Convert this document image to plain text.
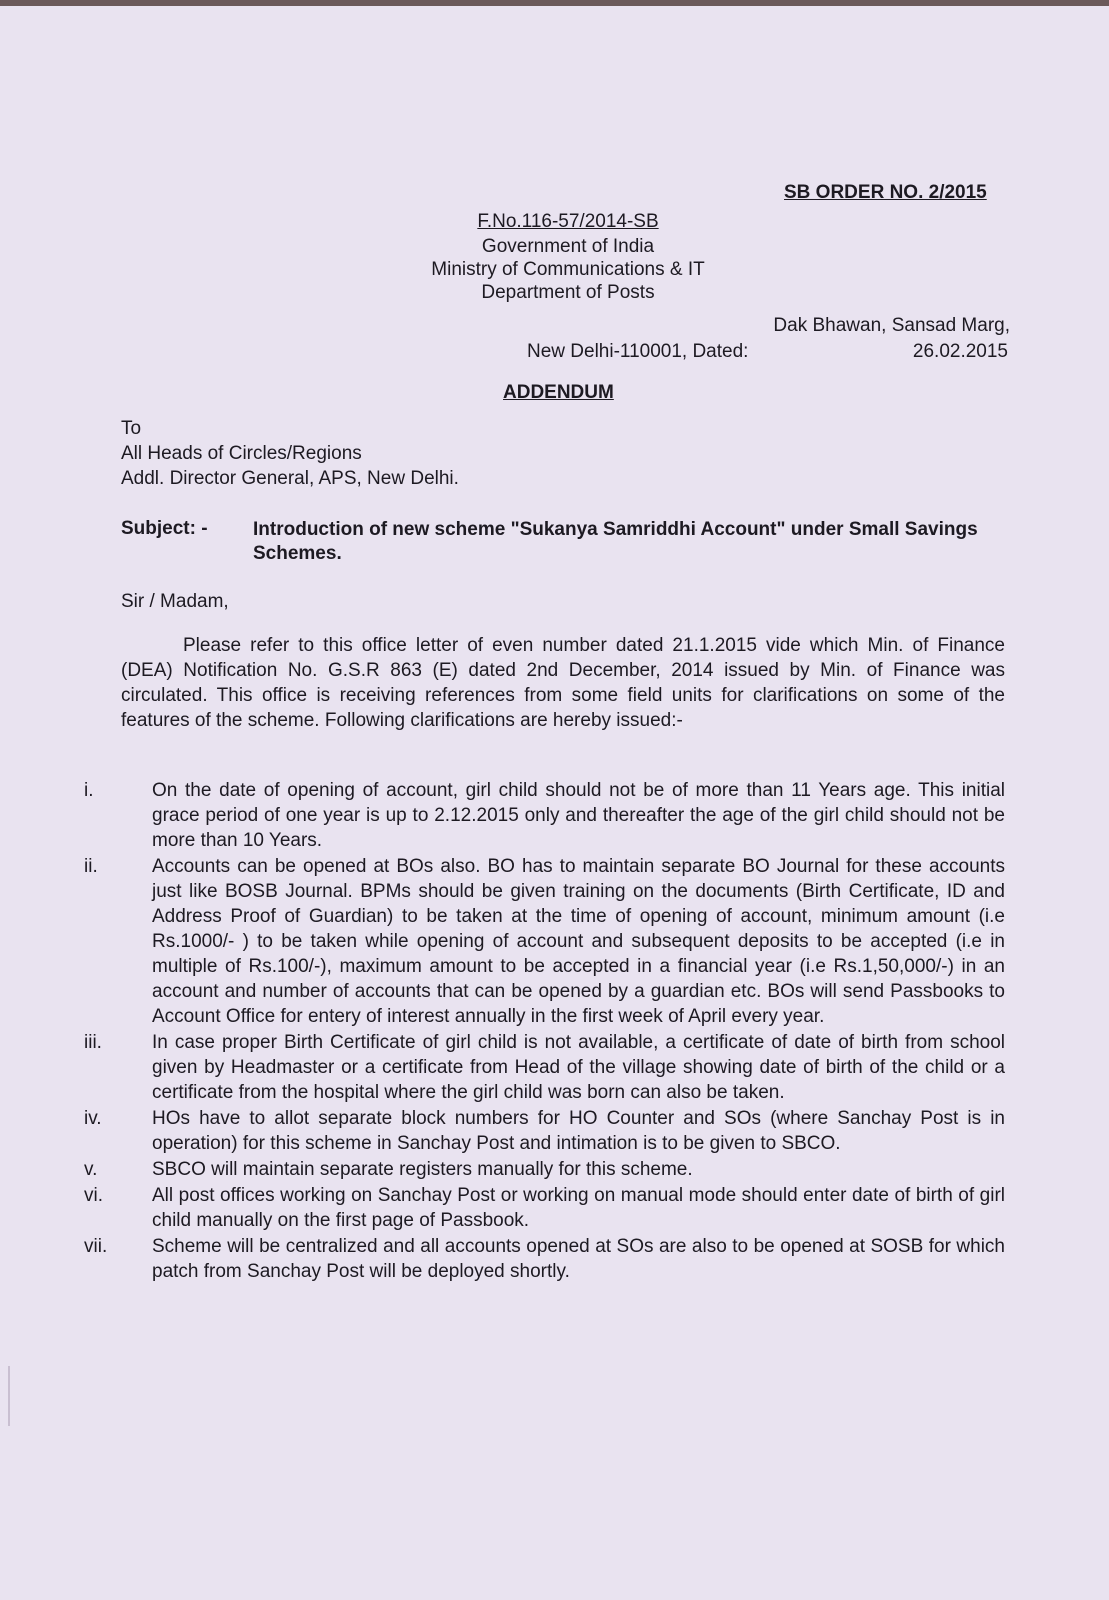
SB ORDER NO. 2/2015
F.No.116-57/2014-SB
Government of India
Ministry of Communications & IT
Department of Posts
Dak Bhawan, Sansad Marg,
New Delhi-110001, Dated:	26.02.2015
ADDENDUM
To
All Heads of Circles/Regions
Addl. Director General, APS, New Delhi.
Subject: - Introduction of new scheme "Sukanya Samriddhi Account" under Small Savings Schemes.
Sir / Madam,
Please refer to this office letter of even number dated 21.1.2015 vide which Min. of Finance (DEA) Notification No. G.S.R 863 (E) dated 2nd December, 2014 issued by Min. of Finance was circulated. This office is receiving references from some field units for clarifications on some of the features of the scheme. Following clarifications are hereby issued:-
i.	On the date of opening of account, girl child should not be of more than 11 Years age. This initial grace period of one year is up to 2.12.2015 only and thereafter the age of the girl child should not be more than 10 Years.
ii.	Accounts can be opened at BOs also. BO has to maintain separate BO Journal for these accounts just like BOSB Journal. BPMs should be given training on the documents (Birth Certificate, ID and Address Proof of Guardian) to be taken at the time of opening of account, minimum amount (i.e Rs.1000/- ) to be taken while opening of account and subsequent deposits to be accepted (i.e in multiple of Rs.100/-), maximum amount to be accepted in a financial year (i.e Rs.1,50,000/-) in an account and number of accounts that can be opened by a guardian etc. BOs will send Passbooks to Account Office for entery of interest annually in the first week of April every year.
iii.	In case proper Birth Certificate of girl child is not available, a certificate of date of birth from school given by Headmaster or a certificate from Head of the village showing date of birth of the child or a certificate from the hospital where the girl child was born can also be taken.
iv.	HOs have to allot separate block numbers for HO Counter and SOs (where Sanchay Post is in operation) for this scheme in Sanchay Post and intimation is to be given to SBCO.
v.	SBCO will maintain separate registers manually for this scheme.
vi.	All post offices working on Sanchay Post or working on manual mode should enter date of birth of girl child manually on the first page of Passbook.
vii.	Scheme will be centralized and all accounts opened at SOs are also to be opened at SOSB for which patch from Sanchay Post will be deployed shortly.
